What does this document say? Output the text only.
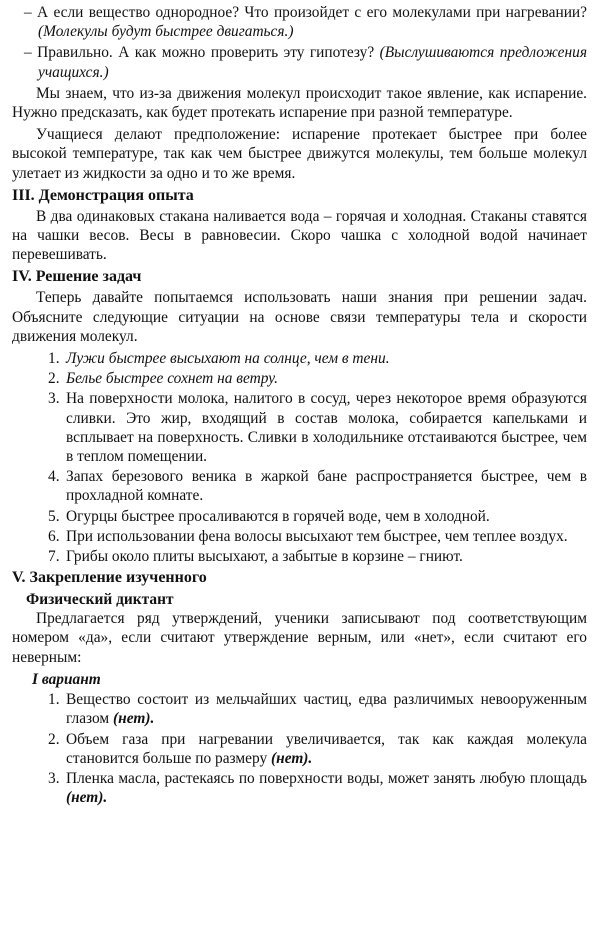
– А если вещество однородное? Что произойдет с его молекулами при нагревании? (Молекулы будут быстрее двигаться.)

– Правильно. А как можно проверить эту гипотезу? (Выслушиваются предложения учащихся.)

Мы знаем, что из-за движения молекул происходит такое явление, как испарение. Нужно предсказать, как будет протекать испарение при разной температуре.

Учащиеся делают предположение: испарение протекает быстрее при более высокой температуре, так как чем быстрее движутся молекулы, тем больше молекул улетает из жидкости за одно и то же время.

III. Демонстрация опыта

В два одинаковых стакана наливается вода – горячая и холодная. Стаканы ставятся на чашки весов. Весы в равновесии. Скоро чашка с холодной водой начинает перевешивать.

IV. Решение задач

Теперь давайте попытаемся использовать наши знания при решении задач. Объясните следующие ситуации на основе связи температуры тела и скорости движения молекул.

1. Лужи быстрее высыхают на солнце, чем в тени.
2. Белье быстрее сохнет на ветру.
3. На поверхности молока, налитого в сосуд, через некоторое время образуются сливки. Это жир, входящий в состав молока, собирается капельками и всплывает на поверхность. Сливки в холодильнике отстаиваются быстрее, чем в теплом помещении.
4. Запах березового веника в жаркой бане распространяется быстрее, чем в прохладной комнате.
5. Огурцы быстрее просаливаются в горячей воде, чем в холодной.
6. При использовании фена волосы высыхают тем быстрее, чем теплее воздух.
7. Грибы около плиты высыхают, а забытые в корзине – гниют.
V. Закрепление изученного
Физический диктант

Предлагается ряд утверждений, ученики записывают под соответствующим номером «да», если считают утверждение верным, или «нет», если считают его неверным:

I вариант
1. Вещество состоит из мельчайших частиц, едва различимых невооруженным глазом (нет).
2. Объем газа при нагревании увеличивается, так как каждая молекула становится больше по размеру (нет).
3. Пленка масла, растекаясь по поверхности воды, может занять любую площадь (нет).
